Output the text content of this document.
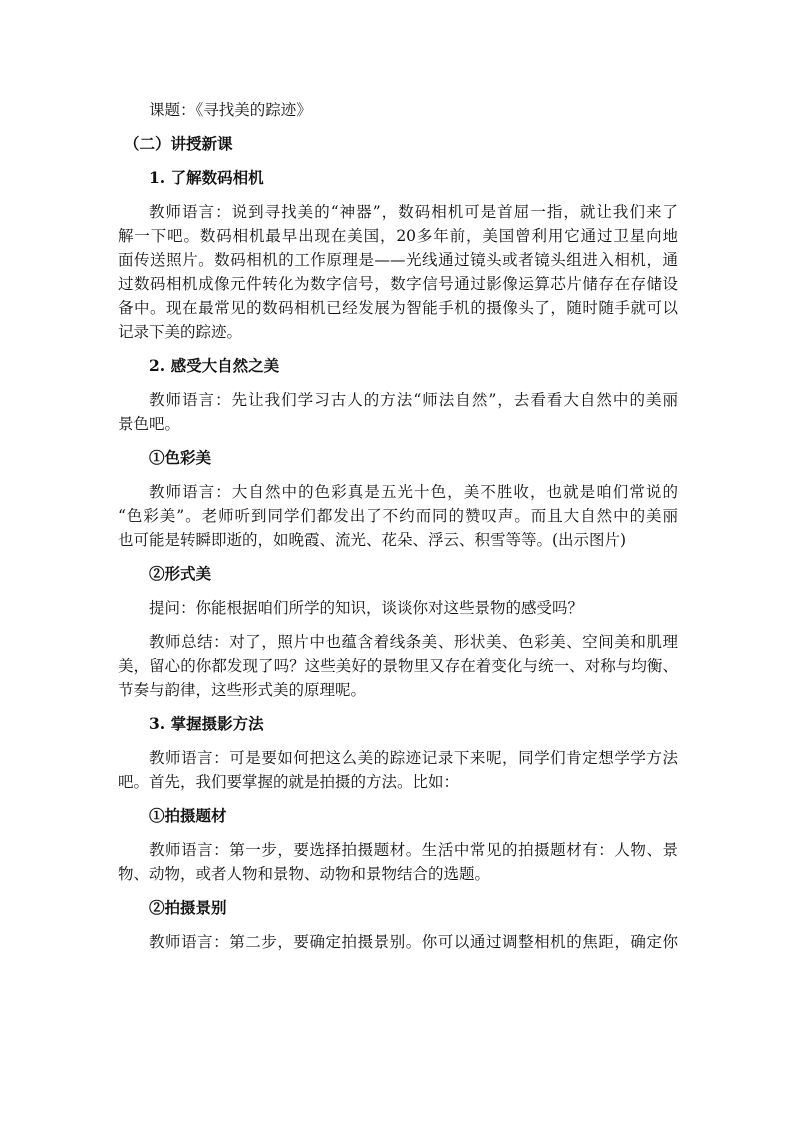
课题：《寻找美的踪迹》

（二）讲授新课
1. 了解数码相机

教师语言：说到寻找美的“神器”，数码相机可是首屈一指，就让我们来了

解一下吧。数码相机最早出现在美国，20多年前，美国曾利用它通过卫星向地

面传送照片。数码相机的工作原理是——光线通过镜头或者镜头组进入相机，通

过数码相机成像元件转化为数字信号，数字信号通过影像运算芯片储存在存储设

备中。现在最常见的数码相机已经发展为智能手机的摄像头了，随时随手就可以

记录下美的踪迹。

2. 感受大自然之美

教师语言：先让我们学习古人的方法“师法自然”，去看看大自然中的美丽

景色吧。

①色彩美

教师语言：大自然中的色彩真是五光十色，美不胜收，也就是咱们常说的

“色彩美”。老师听到同学们都发出了不约而同的赞叹声。而且大自然中的美丽

也可能是转瞬即逝的，如晚霞、流光、花朵、浮云、积雪等等。(出示图片)

②形式美

提问：你能根据咱们所学的知识，谈谈你对这些景物的感受吗？

教师总结：对了，照片中也蕴含着线条美、形状美、色彩美、空间美和肌理

美，留心的你都发现了吗？这些美好的景物里又存在着变化与统一、对称与均衡、

节奏与韵律，这些形式美的原理呢。

3. 掌握摄影方法

教师语言：可是要如何把这么美的踪迹记录下来呢，同学们肯定想学学方法

吧。首先，我们要掌握的就是拍摄的方法。比如：

①拍摄题材

教师语言：第一步，要选择拍摄题材。生活中常见的拍摄题材有：人物、景

物、动物，或者人物和景物、动物和景物结合的选题。

②拍摄景别

教师语言：第二步，要确定拍摄景别。你可以通过调整相机的焦距，确定你
